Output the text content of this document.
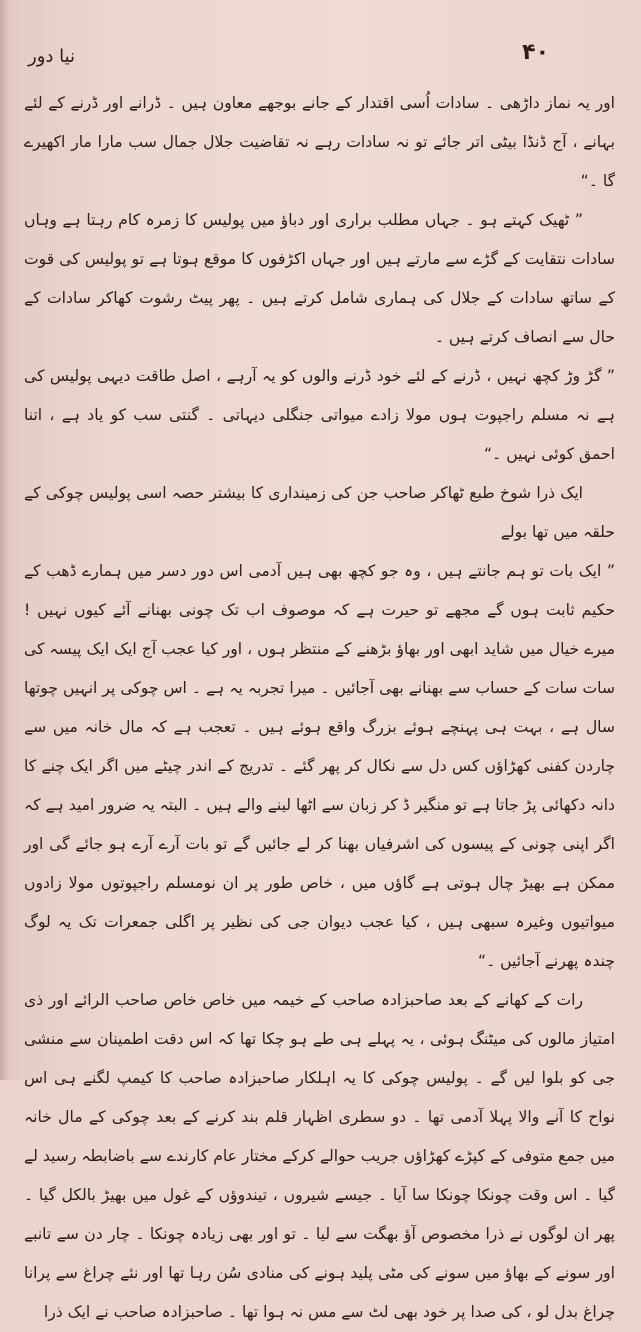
۴۰
نیا دور

اور یہ نماز داڑھی ۔ سادات اُسی اقتدار کے جانے بوجھے معاون ہیں ۔ ڈرانے اور ڈرنے کے لئے بہانے ، آج ڈنڈا بیٹی اتر جائے تو نہ سادات رہے نہ تقاضیت جلال جمال سب مارا مار اکھیرے گا ۔“

” ٹھیک کہتے ہو ۔ جہاں مطلب براری اور دباؤ میں پولیس کا زمرہ کام رہتا ہے وہاں سادات نتقایت کے گڑے سے مارتے ہیں اور جہاں اکڑفوں کا موقع ہوتا ہے تو پولیس کی قوت کے ساتھ سادات کے جلال کی ہماری شامل کرتے ہیں ۔ پھر پیٹ رشوت کھاکر سادات کے حال سے انصاف کرتے ہیں ۔

” گڑ وڑ کچھ نہیں ، ڈرنے کے لئے خود ڈرنے والوں کو یہ آرہے ، اصل طاقت دیہی پولیس کی ہے نہ مسلم راجپوت ہوں مولا زادے میواتی جنگلی دیہاتی ۔ گنتی سب کو یاد ہے ، اتنا احمق کوئی نہیں ۔“

ایک ذرا شوخ طبع ٹھاکر صاحب جن کی زمینداری کا بیشتر حصہ اسی پولیس چوکی کے حلقہ میں تھا بولے

” ایک بات تو ہم جانتے ہیں ، وہ جو کچھ بھی ہیں آدمی اس دور دسر میں ہمارے ڈھب کے حکیم ثابت ہوں گے مجھے تو حیرت ہے کہ موصوف اب تک چونی بھنانے آئے کیوں نہیں ! میرے خیال میں شاید ابھی اور بھاؤ بڑھنے کے منتظر ہوں ، اور کیا عجب آج ایک ایک پیسہ کی سات سات کے حساب سے بھنانے بھی آجائیں ۔ میرا تجربہ یہ ہے ۔ اس چوکی پر انہیں چوتھا سال ہے ، بہت ہی پہنچے ہوئے بزرگ واقع ہوئے ہیں ۔ تعجب ہے کہ مال خانہ میں سے چاردن کفنی کھڑاؤں کس دل سے نکال کر پھر گئے ۔ تدریج کے اندر چیٹے میں اگر ایک چنے کا دانہ دکھائی پڑ جاتا ہے تو منگیر ڈ کر زبان سے اٹھا لینے والے ہیں ۔ البتہ یہ ضرور امید ہے کہ اگر اپنی چونی کے پیسوں کی اشرفیاں بھنا کر لے جائیں گے تو بات آرے آرے ہو جائے گی اور ممکن ہے بھیڑ چال ہوتی ہے گاؤں میں ، خاص طور پر ان نومسلم راجپوتوں مولا زادوں میواتیوں وغیرہ سبھی ہیں ، کیا عجب دیوان جی کی نظیر پر اگلی جمعرات تک یہ لوگ چندہ پھرنے آجائیں ۔“

رات کے کھانے کے بعد صاحبزادہ صاحب کے خیمہ میں خاص خاص صاحب الرائے اور ذی امتیاز مالوں کی میٹنگ ہوئی ، یہ پہلے ہی طے ہو چکا تھا کہ اس دقت اطمینان سے منشی جی کو بلوا لیں گے ۔ پولیس چوکی کا یہ اہلکار صاحبزادہ صاحب کا کیمپ لگنے ہی اس نواح کا آنے والا پہلا آدمی تھا ۔ دو سطری اظہار قلم بند کرنے کے بعد چوکی کے مال خانہ میں جمع متوفی کے کپڑے کھڑاؤں جریب حوالے کرکے مختار عام کارندے سے باضابطہ رسید لے گیا ۔ اس وقت چونکا چونکا سا آیا ۔ جیسے شیروں ، تیندوؤں کے غول میں بھیڑ بالکل گیا ۔ پھر ان لوگوں نے ذرا مخصوص آؤ بھگت سے لیا ۔ تو اور بھی زیادہ چونکا ۔ چار دن سے تانبے اور سونے کے بھاؤ میں سونے کی مٹی پلید ہونے کی منادی سُن رہا تھا اور نئے چراغ سے پرانا چراغ بدل لو ، کی صدا پر خود بھی لٹ سے مس نہ ہوا تھا ۔ صاحبزادہ صاحب نے ایک ذرا
